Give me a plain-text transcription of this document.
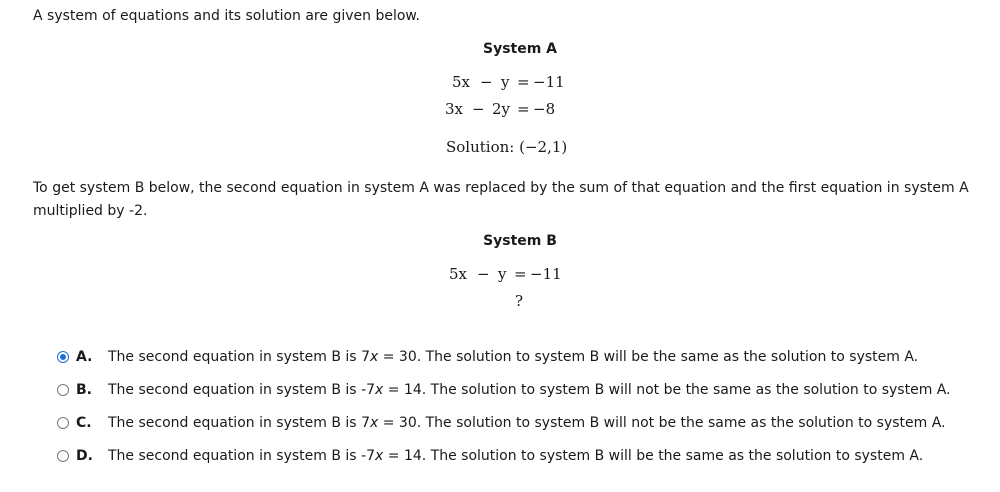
A system of equations and its solution are given below.
System A
5x − y = −11
3x − 2y = −8
Solution: (−2,1)
To get system B below, the second equation in system A was replaced by the sum of that equation and the first equation in system A multiplied by -2.
System B
5x − y = −11
?
A.	The second equation in system B is 7x = 30. The solution to system B will be the same as the solution to system A.
B.	The second equation in system B is -7x = 14. The solution to system B will not be the same as the solution to system A.
C.	The second equation in system B is 7x = 30. The solution to system B will not be the same as the solution to system A.
D.	The second equation in system B is -7x = 14. The solution to system B will be the same as the solution to system A.
